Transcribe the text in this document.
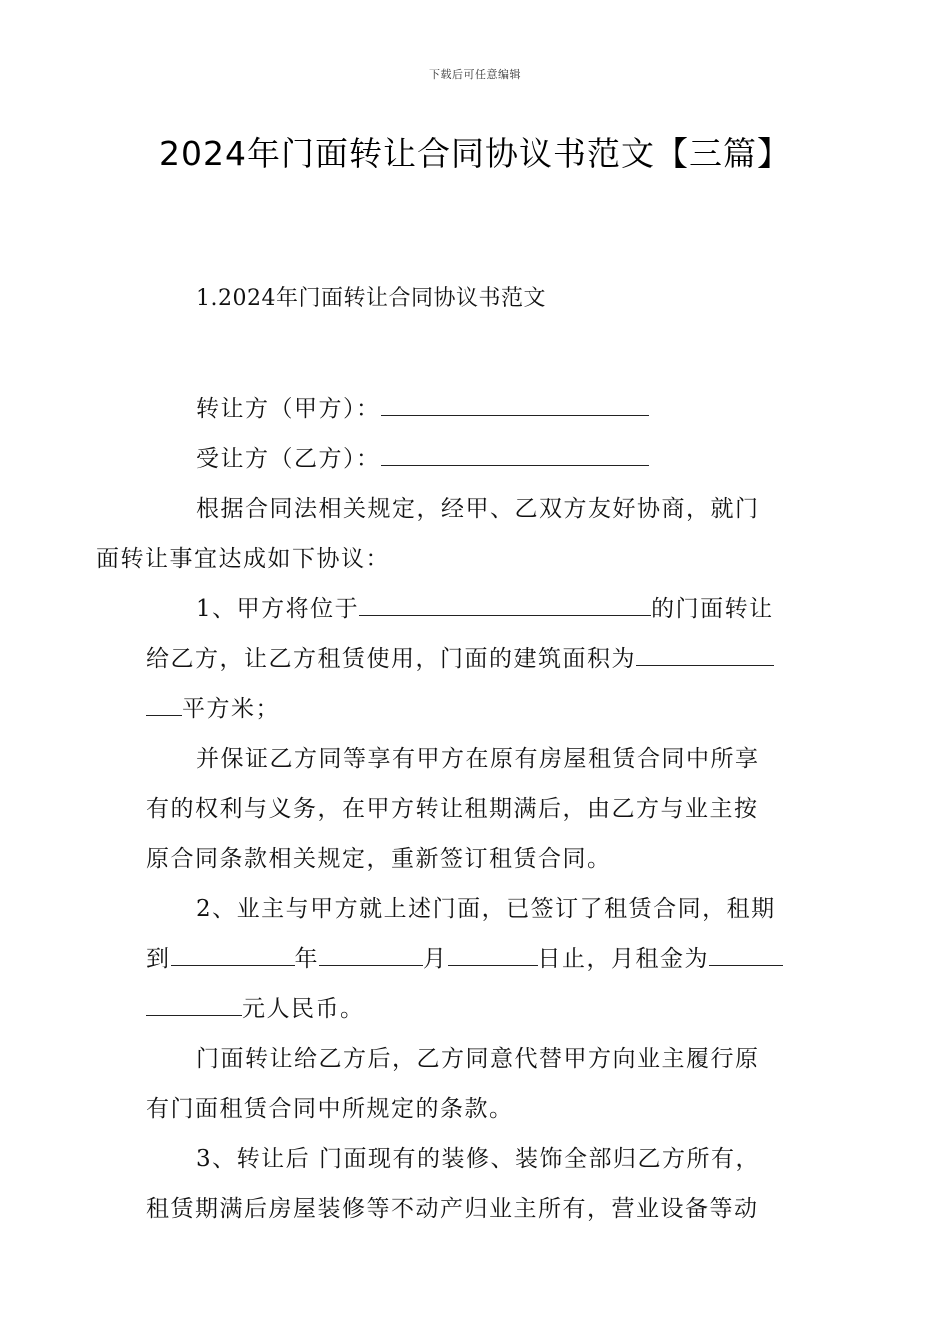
下载后可任意编辑
2024年门面转让合同协议书范文【三篇】

1.2024年门面转让合同协议书范文

转让方（甲方）：

受让方（乙方）：

根据合同法相关规定，经甲、乙双方友好协商，就门
面转让事宜达成如下协议：

1、甲方将位于	的门面转让

给乙方，让乙方租赁使用，门面的建筑面积为

平方米；

并保证乙方同等享有甲方在原有房屋租赁合同中所享

有的权利与义务，在甲方转让租期满后，由乙方与业主按

原合同条款相关规定，重新签订租赁合同。

2、业主与甲方就上述门面，已签订了租赁合同，租期

到	年	月	日止，月租金为

元人民币。

门面转让给乙方后，乙方同意代替甲方向业主履行原

有门面租赁合同中所规定的条款。

3、转让后 门面现有的装修、装饰全部归乙方所有，

租赁期满后房屋装修等不动产归业主所有，营业设备等动
